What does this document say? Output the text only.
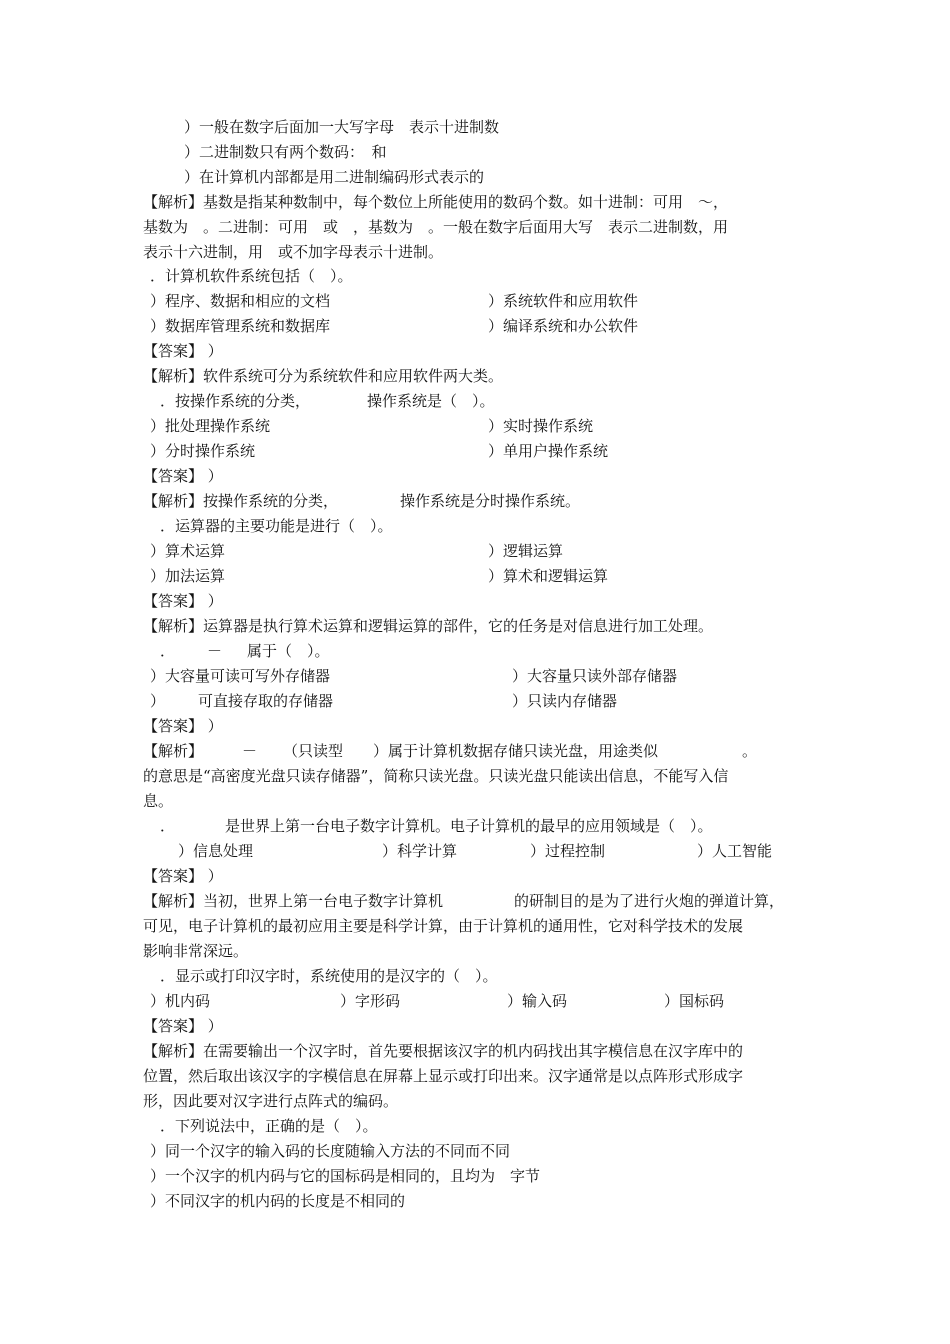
）一般在数字后面加一大写字母　表示十进制数
）二进制数只有两个数码：　和
）在计算机内部都是用二进制编码形式表示的
【解析】基数是指某种数制中，每个数位上所能使用的数码个数。如十进制：可用　～，
基数为　。二进制：可用　或　，基数为　。一般在数字后面用大写　表示二进制数，用
表示十六进制，用　或不加字母表示十进制。
．计算机软件系统包括（　）。
）程序、数据和相应的文档	）系统软件和应用软件
）数据库管理系统和数据库	）编译系统和办公软件
【答案】 ）
【解析】软件系统可分为系统软件和应用软件两大类。
．按操作系统的分类，	操作系统是（　）。
）批处理操作系统	）实时操作系统
）分时操作系统	）单用户操作系统
【答案】 ）
【解析】按操作系统的分类，	操作系统是分时操作系统。
．运算器的主要功能是进行（　）。
）算术运算	）逻辑运算
）加法运算	）算术和逻辑运算
【答案】 ）
【解析】运算器是执行算术运算和逻辑运算的部件，它的任务是对信息进行加工处理。
． － 属于（　）。
）大容量可读可写外存储器	）大容量只读外部存储器
） 可直接存取的存储器	）只读内存储器
【答案】 ）
【解析】	－ （只读型 ）属于计算机数据存储只读光盘，用途类似	。
的意思是“高密度光盘只读存储器”，简称只读光盘。只读光盘只能读出信息，不能写入信
息。
．	是世界上第一台电子数字计算机。电子计算机的最早的应用领域是（　）。
）信息处理	）科学计算	）过程控制	）人工智能
【答案】 ）
【解析】当初，世界上第一台电子数字计算机	的研制目的是为了进行火炮的弹道计算，
可见，电子计算机的最初应用主要是科学计算，由于计算机的通用性，它对科学技术的发展
影响非常深远。
．显示或打印汉字时，系统使用的是汉字的（　）。
）机内码	）字形码	）输入码	）国标码
【答案】 ）
【解析】在需要输出一个汉字时，首先要根据该汉字的机内码找出其字模信息在汉字库中的
位置，然后取出该汉字的字模信息在屏幕上显示或打印出来。汉字通常是以点阵形式形成字
形，因此要对汉字进行点阵式的编码。
．下列说法中，正确的是（　）。
）同一个汉字的输入码的长度随输入方法的不同而不同
）一个汉字的机内码与它的国标码是相同的，且均为　字节
）不同汉字的机内码的长度是不相同的
